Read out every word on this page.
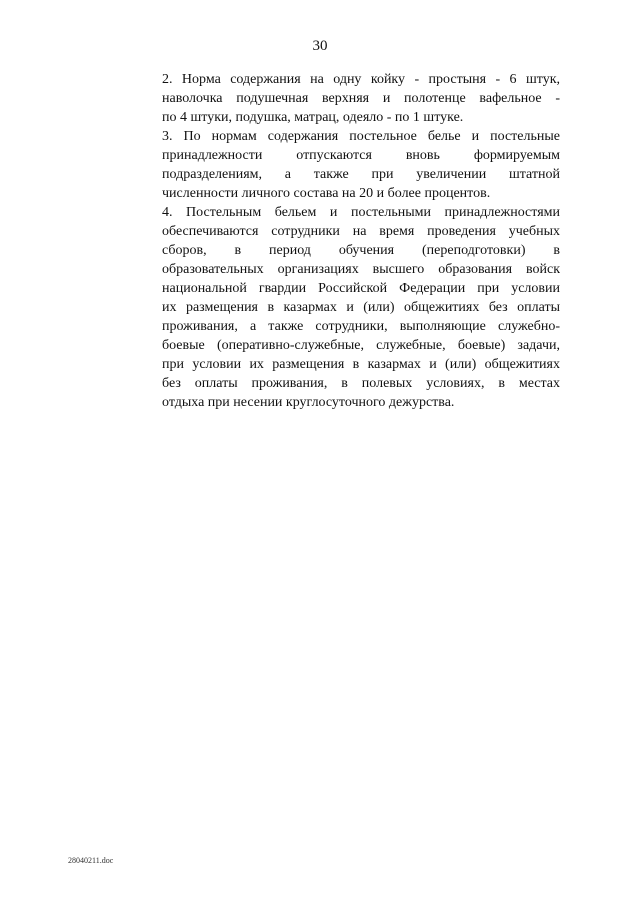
30
2. Норма содержания на одну койку - простыня - 6 штук,
наволочка подушечная верхняя и полотенце вафельное -
по 4 штуки, подушка, матрац, одеяло - по 1 штуке.
3. По нормам содержания постельное белье и постельные
принадлежности отпускаются вновь формируемым
подразделениям, а также при увеличении штатной
численности личного состава на 20 и более процентов.
4. Постельным бельем и постельными принадлежностями
обеспечиваются сотрудники на время проведения учебных
сборов, в период обучения (переподготовки) в
образовательных организациях высшего образования войск
национальной гвардии Российской Федерации при условии
их размещения в казармах и (или) общежитиях без оплаты
проживания, а также сотрудники, выполняющие служебно-
боевые (оперативно-служебные, служебные, боевые) задачи,
при условии их размещения в казармах и (или) общежитиях
без оплаты проживания, в полевых условиях, в местах
отдыха при несении круглосуточного дежурства.
28040211.doc
